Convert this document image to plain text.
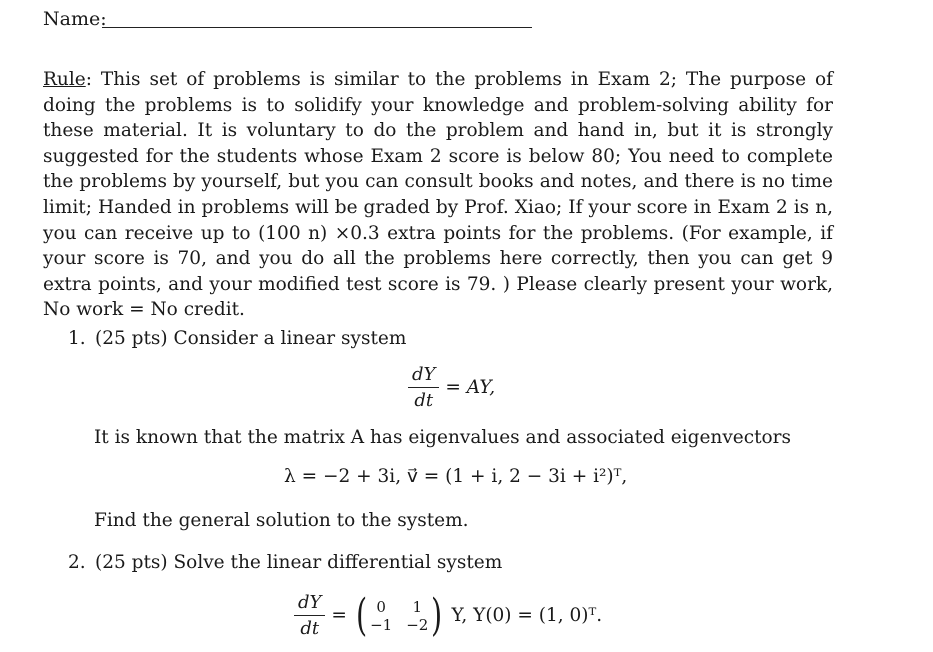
Name:
Rule: This set of problems is similar to the problems in Exam 2; The purpose of doing the problems is to solidify your knowledge and problem-solving ability for these material. It is voluntary to do the problem and hand in, but it is strongly suggested for the students whose Exam 2 score is below 80; You need to complete the problems by yourself, but you can consult books and notes, and there is no time limit; Handed in problems will be graded by Prof. Xiao; If your score in Exam 2 is n, you can receive up to (100 n) ×0.3 extra points for the problems. (For example, if your score is 70, and you do all the problems here correctly, then you can get 9 extra points, and your modified test score is 79. ) Please clearly present your work, No work = No credit.
1. (25 pts) Consider a linear system
$\frac{dY}{dt}$ = AY,
It is known that the matrix A has eigenvalues and associated eigenvectors
λ = −2 + 3i, v⃗ = (1 + i, 2 − 3i + i²)ᵀ,
Find the general solution to the system.
2. (25 pts) Solve the linear differential system
$\frac{dY}{dt}$ = ( 0	1
−1 −2 ) Y, Y(0) = (1, 0)ᵀ.
